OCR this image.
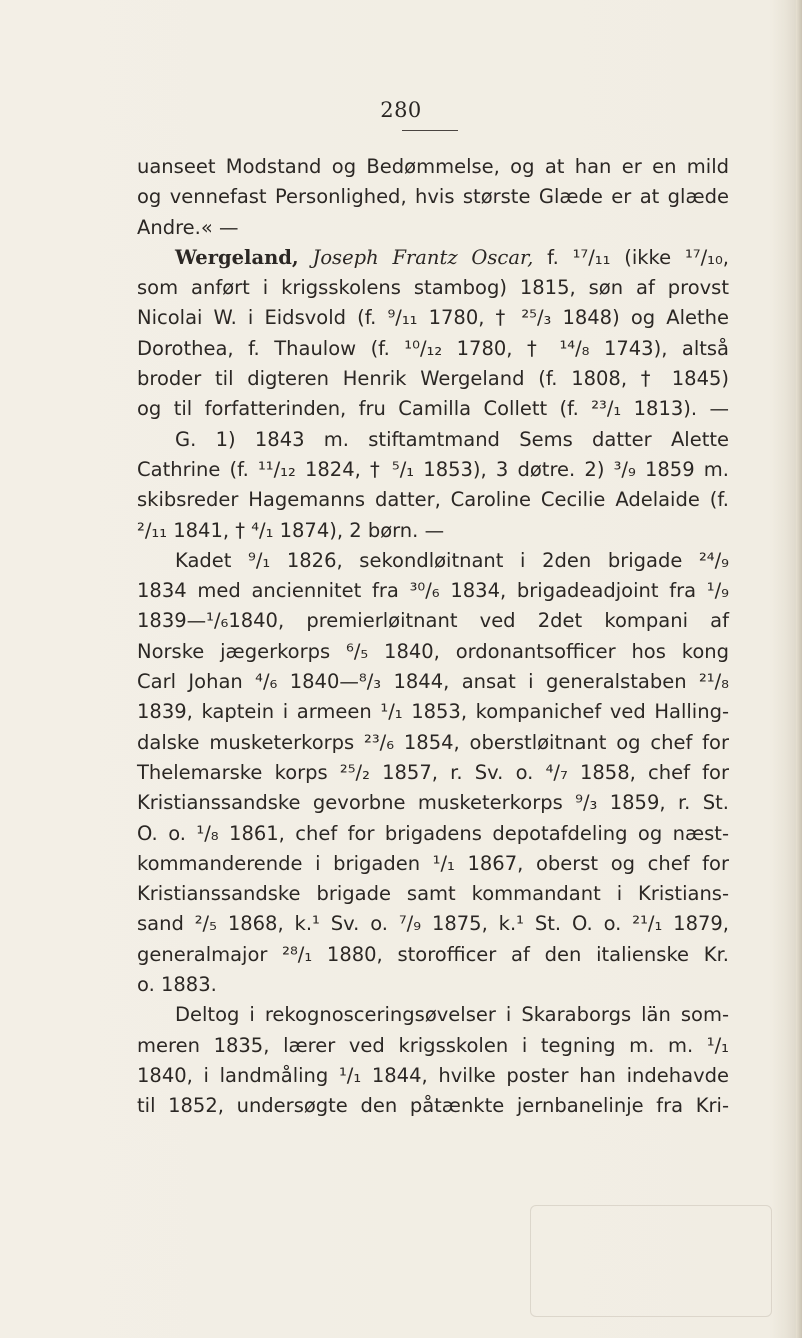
280
uanseet Modstand og Bedømmelse, og at han er en mild
og vennefast Personlighed, hvis største Glæde er at glæde
Andre.« —
Wergeland, Joseph Frantz Oscar, f. ¹⁷/₁₁ (ikke ¹⁷/₁₀,
som anført i krigsskolens stambog) 1815, søn af provst
Nicolai W. i Eidsvold (f. ⁹/₁₁ 1780, † ²⁵/₃ 1848) og Alethe
Dorothea, f. Thaulow (f. ¹⁰/₁₂ 1780, † ¹⁴/₈ 1743), altså
broder til digteren Henrik Wergeland (f. 1808, † 1845)
og til forfatterinden, fru Camilla Collett (f. ²³/₁ 1813). —
G. 1) 1843 m. stiftamtmand Sems datter Alette
Cathrine (f. ¹¹/₁₂ 1824, † ⁵/₁ 1853), 3 døtre. 2) ³/₉ 1859 m.
skibsreder Hagemanns datter, Caroline Cecilie Adelaide (f.
²/₁₁ 1841, † ⁴/₁ 1874), 2 børn. —
Kadet ⁹/₁ 1826, sekondløitnant i 2den brigade ²⁴/₉
1834 med anciennitet fra ³⁰/₆ 1834, brigadeadjoint fra ¹/₉
1839—¹/₆1840, premierløitnant ved 2det kompani af
Norske jægerkorps ⁶/₅ 1840, ordonantsofficer hos kong
Carl Johan ⁴/₆ 1840—⁸/₃ 1844, ansat i generalstaben ²¹/₈
1839, kaptein i armeen ¹/₁ 1853, kompanichef ved Halling-
dalske musketerkorps ²³/₆ 1854, oberstløitnant og chef for
Thelemarske korps ²⁵/₂ 1857, r. Sv. o. ⁴/₇ 1858, chef for
Kristianssandske gevorbne musketerkorps ⁹/₃ 1859, r. St.
O. o. ¹/₈ 1861, chef for brigadens depotafdeling og næst-
kommanderende i brigaden ¹/₁ 1867, oberst og chef for
Kristianssandske brigade samt kommandant i Kristians-
sand ²/₅ 1868, k.¹ Sv. o. ⁷/₉ 1875, k.¹ St. O. o. ²¹/₁ 1879,
generalmajor ²⁸/₁ 1880, storofficer af den italienske Kr.
o. 1883.
Deltog i rekognosceringsøvelser i Skaraborgs län som-
meren 1835, lærer ved krigsskolen i tegning m. m. ¹/₁
1840, i landmåling ¹/₁ 1844, hvilke poster han indehavde
til 1852, undersøgte den påtænkte jernbanelinje fra Kri-
